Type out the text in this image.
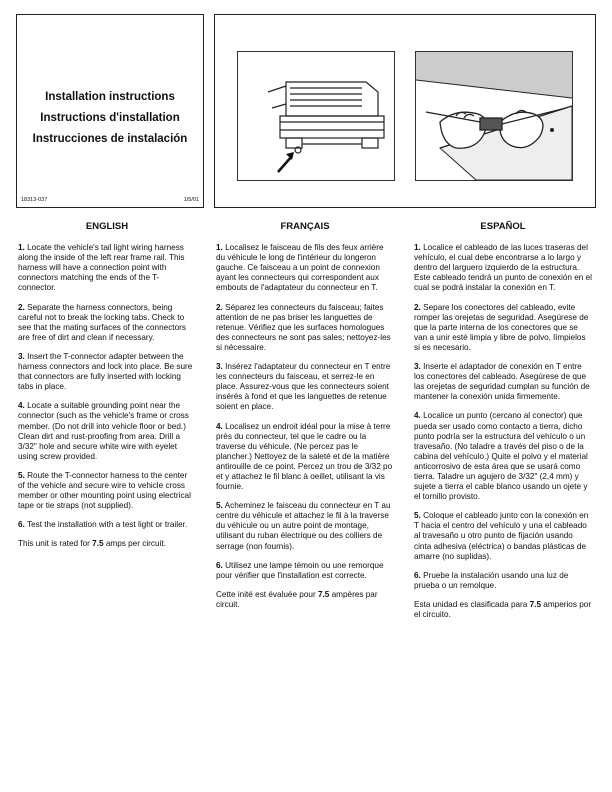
Installation instructions
Instructions d'installation
Instrucciones de instalación
18313-037	1/5/01
ENGLISH

1. Locate the vehicle's tail light wiring harness along the inside of the left rear frame rail. This harness will have a connection point with connectors matching the ends of the T-connector.

2. Separate the harness connectors, being careful not to break the locking tabs. Check to see that the mating surfaces of the connectors are free of dirt and clean if necessary.

3. Insert the T-connector adapter between the harness connectors and lock into place. Be sure that connectors are fully inserted with locking tabs in place.

4. Locate a suitable grounding point near the connector (such as the vehicle's frame or cross member. (Do not drill into vehicle floor or bed.) Clean dirt and rust-proofing from area. Drill a 3/32" hole and secure white wire with eyelet using screw provided.

5. Route the T-connector harness to the center of the vehicle and secure wire to vehicle cross member or other mounting point using electrical tape or tie straps (not supplied).

6. Test the installation with a test light or trailer.

This unit is rated for 7.5 amps per circuit.

FRANÇAIS

1. Localisez le faisceau de fils des feux arrière du véhicule le long de l'intérieur du longeron gauche. Ce faisceau a un point de connexion ayant les connecteurs qui correspondent aux embouts de l'adaptateur du connecteur en T.

2. Séparez les connecteurs du faisceau; faites attention de ne pas briser les languettes de retenue. Vérifiez que les surfaces homologues des connecteurs ne sont pas sales; nettoyez-les si nécessaire.

3. Insérez l'adaptateur du connecteur en T entre les connecteurs du faisceau, et serrez-le en place. Assurez-vous que les connecteurs soient insérés à fond et que les languettes de retenue soient en place.

4. Localisez un endroit idéal pour la mise à terre près du connecteur, tel que le cadre ou la traverse du véhicule. (Ne percez pas le plancher.) Nettoyez de la saleté et de la matière antirouille de ce point. Percez un trou de 3/32 po et y attachez le fil blanc à oeillet, utilisant la vis fournie.

5. Acheminez le faisceau du connecteur en T au centre du véhicule et attachez le fil à la traverse du véhicule ou un autre point de montage, utilisant du ruban électrique ou des colliers de serrage (non fournis).

6. Utilisez une lampe témoin ou une remorque pour vérifier que l'installation est correcte.

Cette inité est évaluée pour 7.5 ampères par circuit.

ESPAÑOL

1. Localice el cableado de las luces traseras del vehículo, el cual debe encontrarse a lo largo y dentro del larguero izquierdo de la estructura. Este cableado tendrá un punto de conexión en el cual se podrá instalar la conexión en T.

2. Separe los conectores del cableado, evite romper las orejetas de seguridad. Asegúrese de que la parte interna de los conectores que se van a unir esté limpia y libre de polvo, límpielos si es necesario.

3. Inserte el adaptador de conexión en T entre los conectores del cableado. Asegúrese de que las orejetas de seguridad cumplan su función de mantener la conexión unida firmemente.

4. Localice un punto (cercano al conector) que pueda ser usado como contacto a tierra, dicho punto podría ser la estructura del vehículo o un travesaño. (No taladre a través del piso o de la cabina del vehículo.) Quite el polvo y el material anticorrosivo de esta área que se usará como tierra. Taladre un agujero de 3/32" (2,4 mm) y sujete a tierra el cable blanco usando un ojete y el tornillo provisto.

5. Coloque el cableado junto con la conexión en T hacia el centro del vehículo y una el cableado al travesaño u otro punto de fijación usando cinta adhesiva (eléctrica) o bandas plásticas de amarre (no suplidas).

6. Pruebe la instalación usando una luz de prueba o un remolque.

Esta unidad es clasificada para 7.5 amperios por el circuito.
